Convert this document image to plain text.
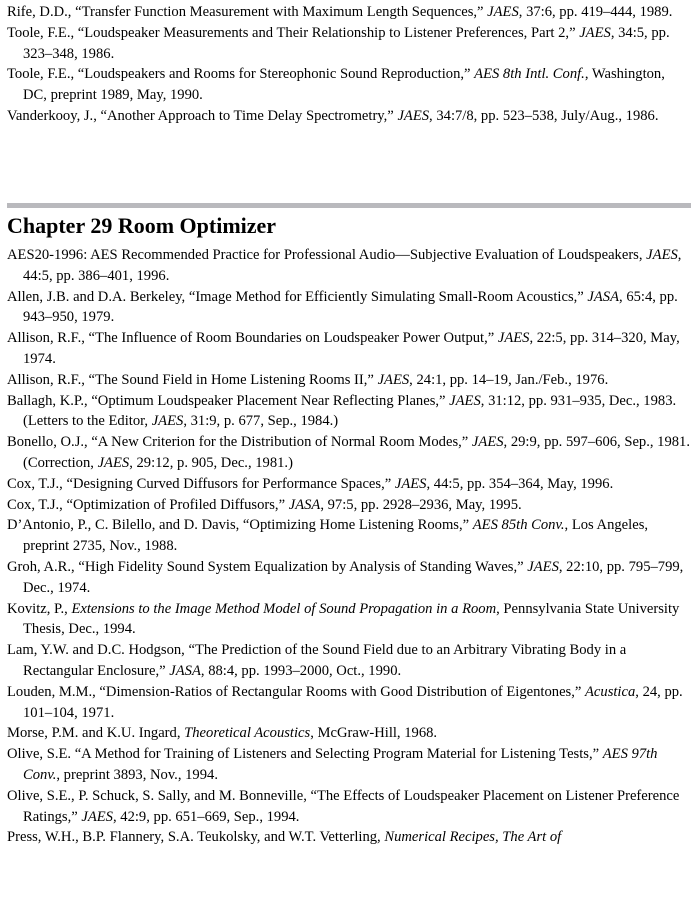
Rife, D.D., “Transfer Function Measurement with Maximum Length Sequences,” JAES, 37:6, pp. 419–444, 1989.
Toole, F.E., “Loudspeaker Measurements and Their Relationship to Listener Preferences, Part 2,” JAES, 34:5, pp. 323–348, 1986.
Toole, F.E., “Loudspeakers and Rooms for Stereophonic Sound Reproduction,” AES 8th Intl. Conf., Washington, DC, preprint 1989, May, 1990.
Vanderkooy, J., “Another Approach to Time Delay Spectrometry,” JAES, 34:7/8, pp. 523–538, July/Aug., 1986.
Chapter 29 Room Optimizer
AES20-1996: AES Recommended Practice for Professional Audio—Subjective Evaluation of Loudspeakers, JAES, 44:5, pp. 386–401, 1996.
Allen, J.B. and D.A. Berkeley, “Image Method for Efficiently Simulating Small-Room Acoustics,” JASA, 65:4, pp. 943–950, 1979.
Allison, R.F., “The Influence of Room Boundaries on Loudspeaker Power Output,” JAES, 22:5, pp. 314–320, May, 1974.
Allison, R.F., “The Sound Field in Home Listening Rooms II,” JAES, 24:1, pp. 14–19, Jan./Feb., 1976.
Ballagh, K.P., “Optimum Loudspeaker Placement Near Reflecting Planes,” JAES, 31:12, pp. 931–935, Dec., 1983. (Letters to the Editor, JAES, 31:9, p. 677, Sep., 1984.)
Bonello, O.J., “A New Criterion for the Distribution of Normal Room Modes,” JAES, 29:9, pp. 597–606, Sep., 1981. (Correction, JAES, 29:12, p. 905, Dec., 1981.)
Cox, T.J., “Designing Curved Diffusors for Performance Spaces,” JAES, 44:5, pp. 354–364, May, 1996.
Cox, T.J., “Optimization of Profiled Diffusors,” JASA, 97:5, pp. 2928–2936, May, 1995.
D’Antonio, P., C. Bilello, and D. Davis, “Optimizing Home Listening Rooms,” AES 85th Conv., Los Angeles, preprint 2735, Nov., 1988.
Groh, A.R., “High Fidelity Sound System Equalization by Analysis of Standing Waves,” JAES, 22:10, pp. 795–799, Dec., 1974.
Kovitz, P., Extensions to the Image Method Model of Sound Propagation in a Room, Pennsylvania State University Thesis, Dec., 1994.
Lam, Y.W. and D.C. Hodgson, “The Prediction of the Sound Field due to an Arbitrary Vibrating Body in a Rectangular Enclosure,” JASA, 88:4, pp. 1993–2000, Oct., 1990.
Louden, M.M., “Dimension-Ratios of Rectangular Rooms with Good Distribution of Eigentones,” Acustica, 24, pp. 101–104, 1971.
Morse, P.M. and K.U. Ingard, Theoretical Acoustics, McGraw-Hill, 1968.
Olive, S.E. “A Method for Training of Listeners and Selecting Program Material for Listening Tests,” AES 97th Conv., preprint 3893, Nov., 1994.
Olive, S.E., P. Schuck, S. Sally, and M. Bonneville, “The Effects of Loudspeaker Placement on Listener Preference Ratings,” JAES, 42:9, pp. 651–669, Sep., 1994.
Press, W.H., B.P. Flannery, S.A. Teukolsky, and W.T. Vetterling, Numerical Recipes, The Art of
